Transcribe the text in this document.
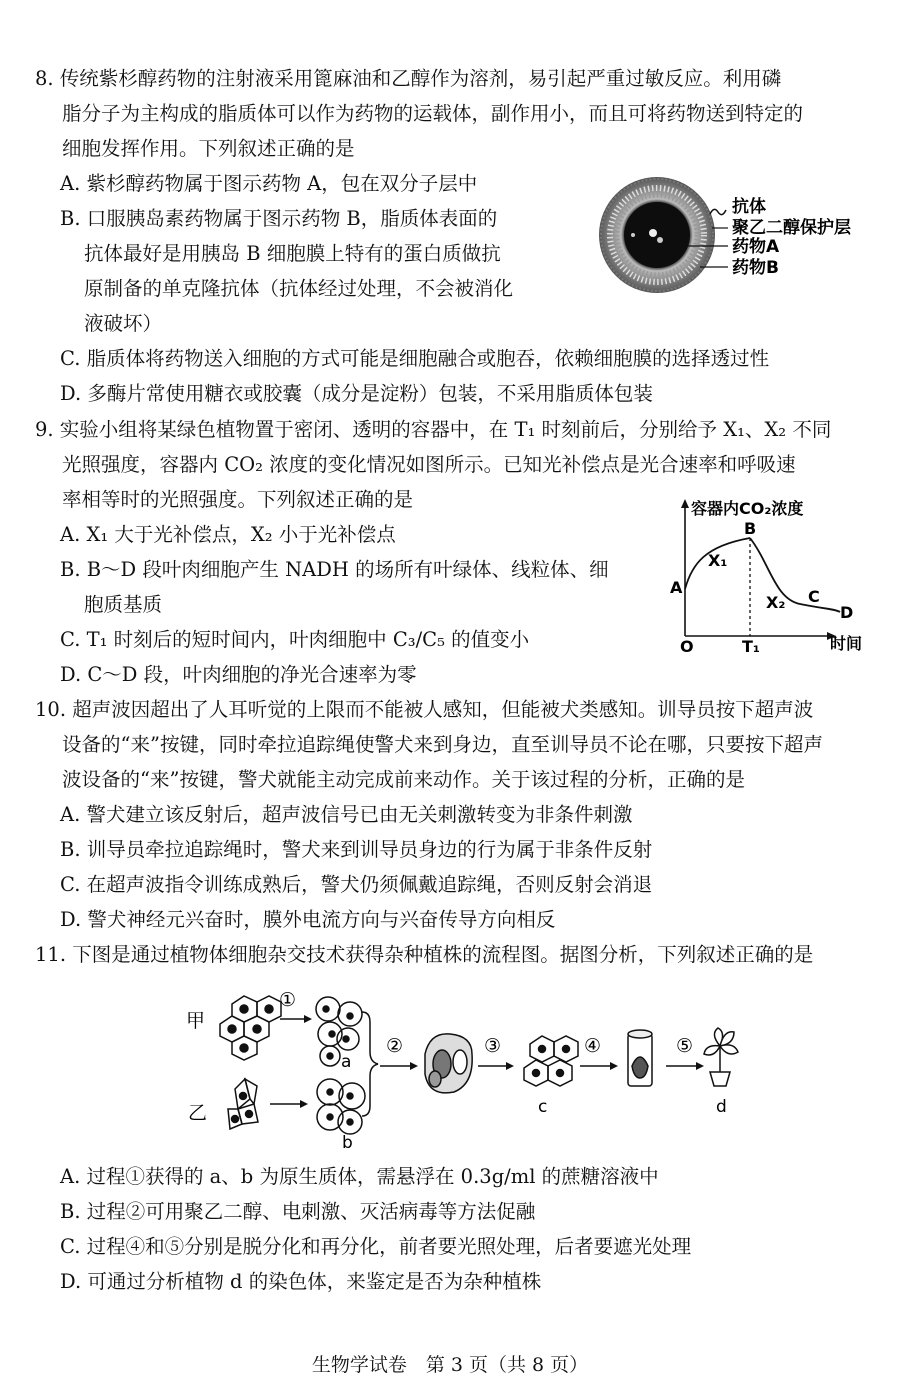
8. 传统紫杉醇药物的注射液采用篦麻油和乙醇作为溶剂，易引起严重过敏反应。利用磷
脂分子为主构成的脂质体可以作为药物的运载体，副作用小，而且可将药物送到特定的
细胞发挥作用。下列叙述正确的是
A. 紫杉醇药物属于图示药物 A，包在双分子层中
B. 口服胰岛素药物属于图示药物 B，脂质体表面的
抗体最好是用胰岛 B 细胞膜上特有的蛋白质做抗
原制备的单克隆抗体（抗体经过处理，不会被消化
液破坏）
C. 脂质体将药物送入细胞的方式可能是细胞融合或胞吞，依赖细胞膜的选择透过性
D. 多酶片常使用糖衣或胶囊（成分是淀粉）包装，不采用脂质体包装
抗体
聚乙二醇保护层
药物A
药物B
9. 实验小组将某绿色植物置于密闭、透明的容器中，在 T₁ 时刻前后，分别给予 X₁、X₂ 不同
光照强度，容器内 CO₂ 浓度的变化情况如图所示。已知光补偿点是光合速率和呼吸速
率相等时的光照强度。下列叙述正确的是
A. X₁ 大于光补偿点，X₂ 小于光补偿点
B. B～D 段叶肉细胞产生 NADH 的场所有叶绿体、线粒体、细
胞质基质
C. T₁ 时刻后的短时间内，叶肉细胞中 C₃/C₅ 的值变小
D. C～D 段，叶肉细胞的净光合速率为零
容器内CO₂浓度
时间
O	T₁
A
B
C
D
X₁
X₂
10. 超声波因超出了人耳听觉的上限而不能被人感知，但能被犬类感知。训导员按下超声波
设备的“来”按键，同时牵拉追踪绳使警犬来到身边，直至训导员不论在哪，只要按下超声
波设备的“来”按键，警犬就能主动完成前来动作。关于该过程的分析，正确的是
A. 警犬建立该反射后，超声波信号已由无关刺激转变为非条件刺激
B. 训导员牵拉追踪绳时，警犬来到训导员身边的行为属于非条件反射
C. 在超声波指令训练成熟后，警犬仍须佩戴追踪绳，否则反射会消退
D. 警犬神经元兴奋时，膜外电流方向与兴奋传导方向相反
11. 下图是通过植物体细胞杂交技术获得杂种植株的流程图。据图分析，下列叙述正确的是
甲
乙
①
a
b
②	③
c
④	⑤
d
A. 过程①获得的 a、b 为原生质体，需悬浮在 0.3g/ml 的蔗糖溶液中
B. 过程②可用聚乙二醇、电刺激、灭活病毒等方法促融
C. 过程④和⑤分别是脱分化和再分化，前者要光照处理，后者要遮光处理
D. 可通过分析植物 d 的染色体，来鉴定是否为杂种植株
生物学试卷　第 3 页（共 8 页）
